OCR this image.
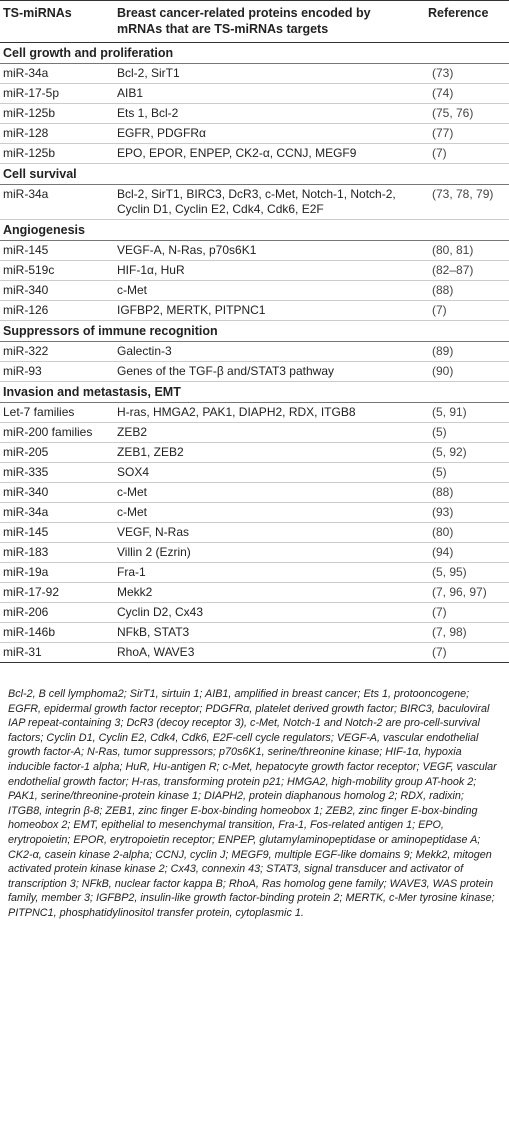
TS-miRNAs	Breast cancer-related proteins encoded by mRNAs that are TS-miRNAs targets	Reference
Cell growth and proliferation		
miR-34a	Bcl-2, SirT1	(73)
miR-17-5p	AIB1	(74)
miR-125b	Ets 1, Bcl-2	(75, 76)
miR-128	EGFR, PDGFRα	(77)
miR-125b	EPO, EPOR, ENPEP, CK2-α, CCNJ, MEGF9	(7)
Cell survival		
miR-34a	Bcl-2, SirT1, BIRC3, DcR3, c-Met, Notch-1, Notch-2, Cyclin D1, Cyclin E2, Cdk4, Cdk6, E2F	(73, 78, 79)
Angiogenesis		
miR-145	VEGF-A, N-Ras, p70s6K1	(80, 81)
miR-519c	HIF-1α, HuR	(82–87)
miR-340	c-Met	(88)
miR-126	IGFBP2, MERTK, PITPNC1	(7)
Suppressors of immune recognition		
miR-322	Galectin-3	(89)
miR-93	Genes of the TGF-β and/STAT3 pathway	(90)
Invasion and metastasis, EMT		
Let-7 families	H-ras, HMGA2, PAK1, DIAPH2, RDX, ITGB8	(5, 91)
miR-200 families	ZEB2	(5)
miR-205	ZEB1, ZEB2	(5, 92)
miR-335	SOX4	(5)
miR-340	c-Met	(88)
miR-34a	c-Met	(93)
miR-145	VEGF, N-Ras	(80)
miR-183	Villin 2 (Ezrin)	(94)
miR-19a	Fra-1	(5, 95)
miR-17-92	Mekk2	(7, 96, 97)
miR-206	Cyclin D2, Cx43	(7)
miR-146b	NFkB, STAT3	(7, 98)
miR-31	RhoA, WAVE3	(7)

Bcl-2, B cell lymphoma2; SirT1, sirtuin 1; AIB1, amplified in breast cancer; Ets 1, protooncogene; EGFR, epidermal growth factor receptor; PDGFRα, platelet derived growth factor; BIRC3, baculoviral IAP repeat-containing 3; DcR3 (decoy receptor 3), c-Met, Notch-1 and Notch-2 are pro-cell-survival factors; Cyclin D1, Cyclin E2, Cdk4, Cdk6, E2F-cell cycle regulators; VEGF-A, vascular endothelial growth factor-A; N-Ras, tumor suppressors; p70s6K1, serine/threonine kinase; HIF-1α, hypoxia inducible factor-1 alpha; HuR, Hu-antigen R; c-Met, hepatocyte growth factor receptor; VEGF, vascular endothelial growth factor; H-ras, transforming protein p21; HMGA2, high-mobility group AT-hook 2; PAK1, serine/threonine-protein kinase 1; DIAPH2, protein diaphanous homolog 2; RDX, radixin; ITGB8, integrin β-8; ZEB1, zinc finger E-box-binding homeobox 1; ZEB2, zinc finger E-box-binding homeobox 2; EMT, epithelial to mesenchymal transition, Fra-1, Fos-related antigen 1; EPO, erytropoietin; EPOR, erytropoietin receptor; ENPEP, glutamylaminopeptidase or aminopeptidase A; CK2-α, casein kinase 2-alpha; CCNJ, cyclin J; MEGF9, multiple EGF-like domains 9; Mekk2, mitogen activated protein kinase kinase 2; Cx43, connexin 43; STAT3, signal transducer and activator of transcription 3; NFkB, nuclear factor kappa B; RhoA, Ras homolog gene family; WAVE3, WAS protein family, member 3; IGFBP2, insulin-like growth factor-binding protein 2; MERTK, c-Mer tyrosine kinase; PITPNC1, phosphatidylinositol transfer protein, cytoplasmic 1.
